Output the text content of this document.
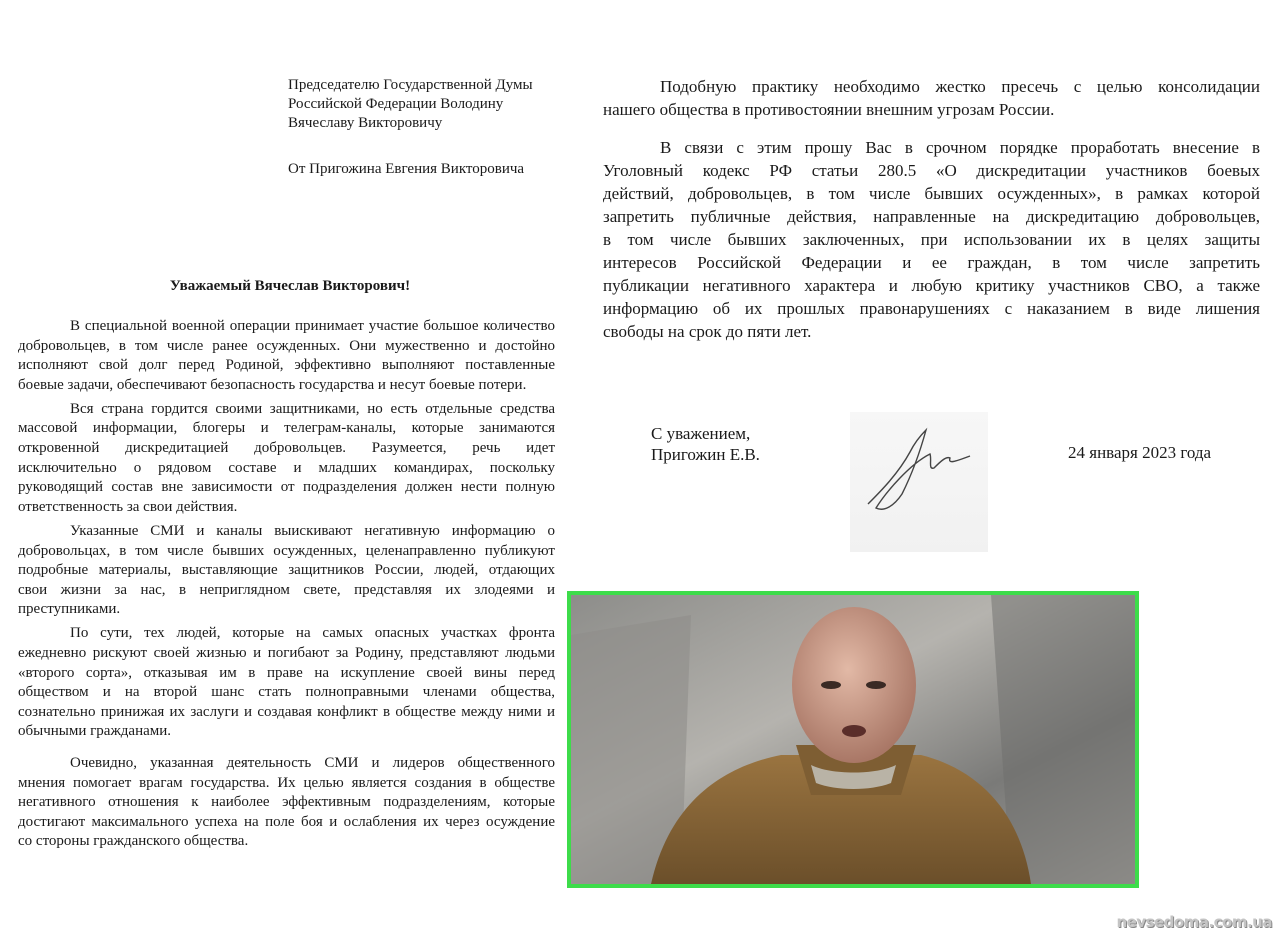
Председателю Государственной Думы
Российской Федерации Володину
Вячеславу Викторовичу
От Пригожина Евгения Викторовича
Уважаемый Вячеслав Викторович!
В специальной военной операции принимает участие большое количество
добровольцев, в том числе ранее осужденных. Они мужественно и достойно
исполняют свой долг перед Родиной, эффективно выполняют поставленные
боевые задачи, обеспечивают безопасность государства и несут боевые потери.
Вся страна гордится своими защитниками, но есть отдельные средства
массовой информации, блогеры и телеграм-каналы, которые занимаются
откровенной дискредитацией добровольцев. Разумеется, речь идет
исключительно о рядовом составе и младших командирах, поскольку
руководящий состав вне зависимости от подразделения должен нести полную
ответственность за свои действия.
Указанные СМИ и каналы выискивают негативную информацию о
добровольцах, в том числе бывших осужденных, целенаправленно публикуют
подробные материалы, выставляющие защитников России, людей, отдающих
свои жизни за нас, в неприглядном свете, представляя их злодеями и
преступниками.
По сути, тех людей, которые на самых опасных участках фронта
ежедневно рискуют своей жизнью и погибают за Родину, представляют людьми
«второго сорта», отказывая им в праве на искупление своей вины перед
обществом и на второй шанс стать полноправными членами общества,
сознательно принижая их заслуги и создавая конфликт в обществе между ними и
обычными гражданами.
Очевидно, указанная деятельность СМИ и лидеров общественного
мнения помогает врагам государства. Их целью является создания в обществе
негативного отношения к наиболее эффективным подразделениям, которые
достигают максимального успеха на поле боя и ослабления их через осуждение
со стороны гражданского общества.
Подобную практику необходимо жестко пресечь с целью консолидации
нашего общества в противостоянии внешним угрозам России.
В связи с этим прошу Вас в срочном порядке проработать внесение в
Уголовный кодекс РФ статьи 280.5 «О дискредитации участников боевых
действий, добровольцев, в том числе бывших осужденных», в рамках которой
запретить публичные действия, направленные на дискредитацию добровольцев,
в том числе бывших заключенных, при использовании их в целях защиты
интересов Российской Федерации и ее граждан, в том числе запретить
публикации негативного характера и любую критику участников СВО, а также
информацию об их прошлых правонарушениях с наказанием в виде лишения
свободы на срок до пяти лет.
С уважением,
Пригожин Е.В.	24 января 2023 года
nevsedoma.com.ua
